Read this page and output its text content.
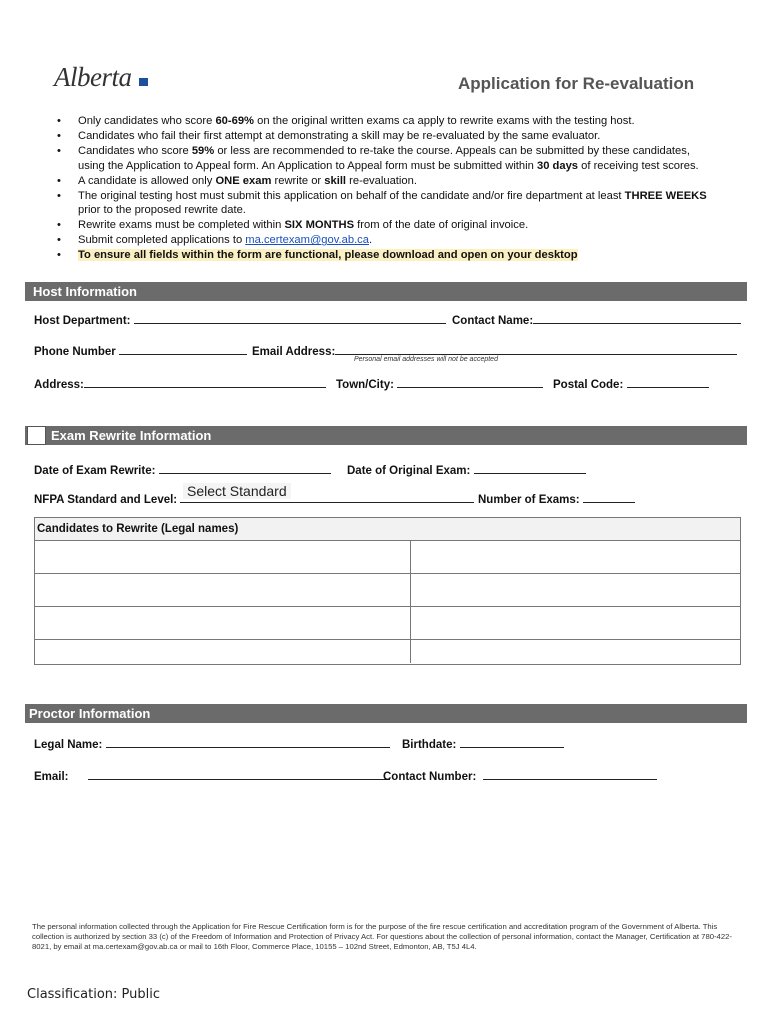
Alberta	Application for Re-evaluation
• Only candidates who score 60-69% on the original written exams ca apply to rewrite exams with the testing host.
• Candidates who fail their first attempt at demonstrating a skill may be re-evaluated by the same evaluator.
• Candidates who score 59% or less are recommended to re-take the course. Appeals can be submitted by these candidates, using the Application to Appeal form. An Application to Appeal form must be submitted within 30 days of receiving test scores.
• A candidate is allowed only ONE exam rewrite or skill re-evaluation.
• The original testing host must submit this application on behalf of the candidate and/or fire department at least THREE WEEKS prior to the proposed rewrite date.
• Rewrite exams must be completed within SIX MONTHS from of the date of original invoice.
• Submit completed applications to ma.certexam@gov.ab.ca.
• To ensure all fields within the form are functional, please download and open on your desktop
Host Information
Host Department:	Contact Name:
Phone Number	Email Address:
Personal email addresses will not be accepted
Address:	Town/City:	Postal Code:
Exam Rewrite Information
Date of Exam Rewrite:	Date of Original Exam:
NFPA Standard and Level:
Select Standard
Number of Exams:
Candidates to Rewrite (Legal names)
Proctor Information
Legal Name:	Birthdate:
Email:	Contact Number:
The personal information collected through the Application for Fire Rescue Certification form is for the purpose of the fire rescue certification and accreditation program of the Government of Alberta. This collection is authorized by section 33 (c) of the Freedom of Information and Protection of Privacy Act. For questions about the collection of personal information, contact the Manager, Certification at 780-422-8021, by email at ma.certexam@gov.ab.ca or mail to 16th Floor, Commerce Place, 10155 – 102nd Street, Edmonton, AB, T5J 4L4.
Classification: Public
